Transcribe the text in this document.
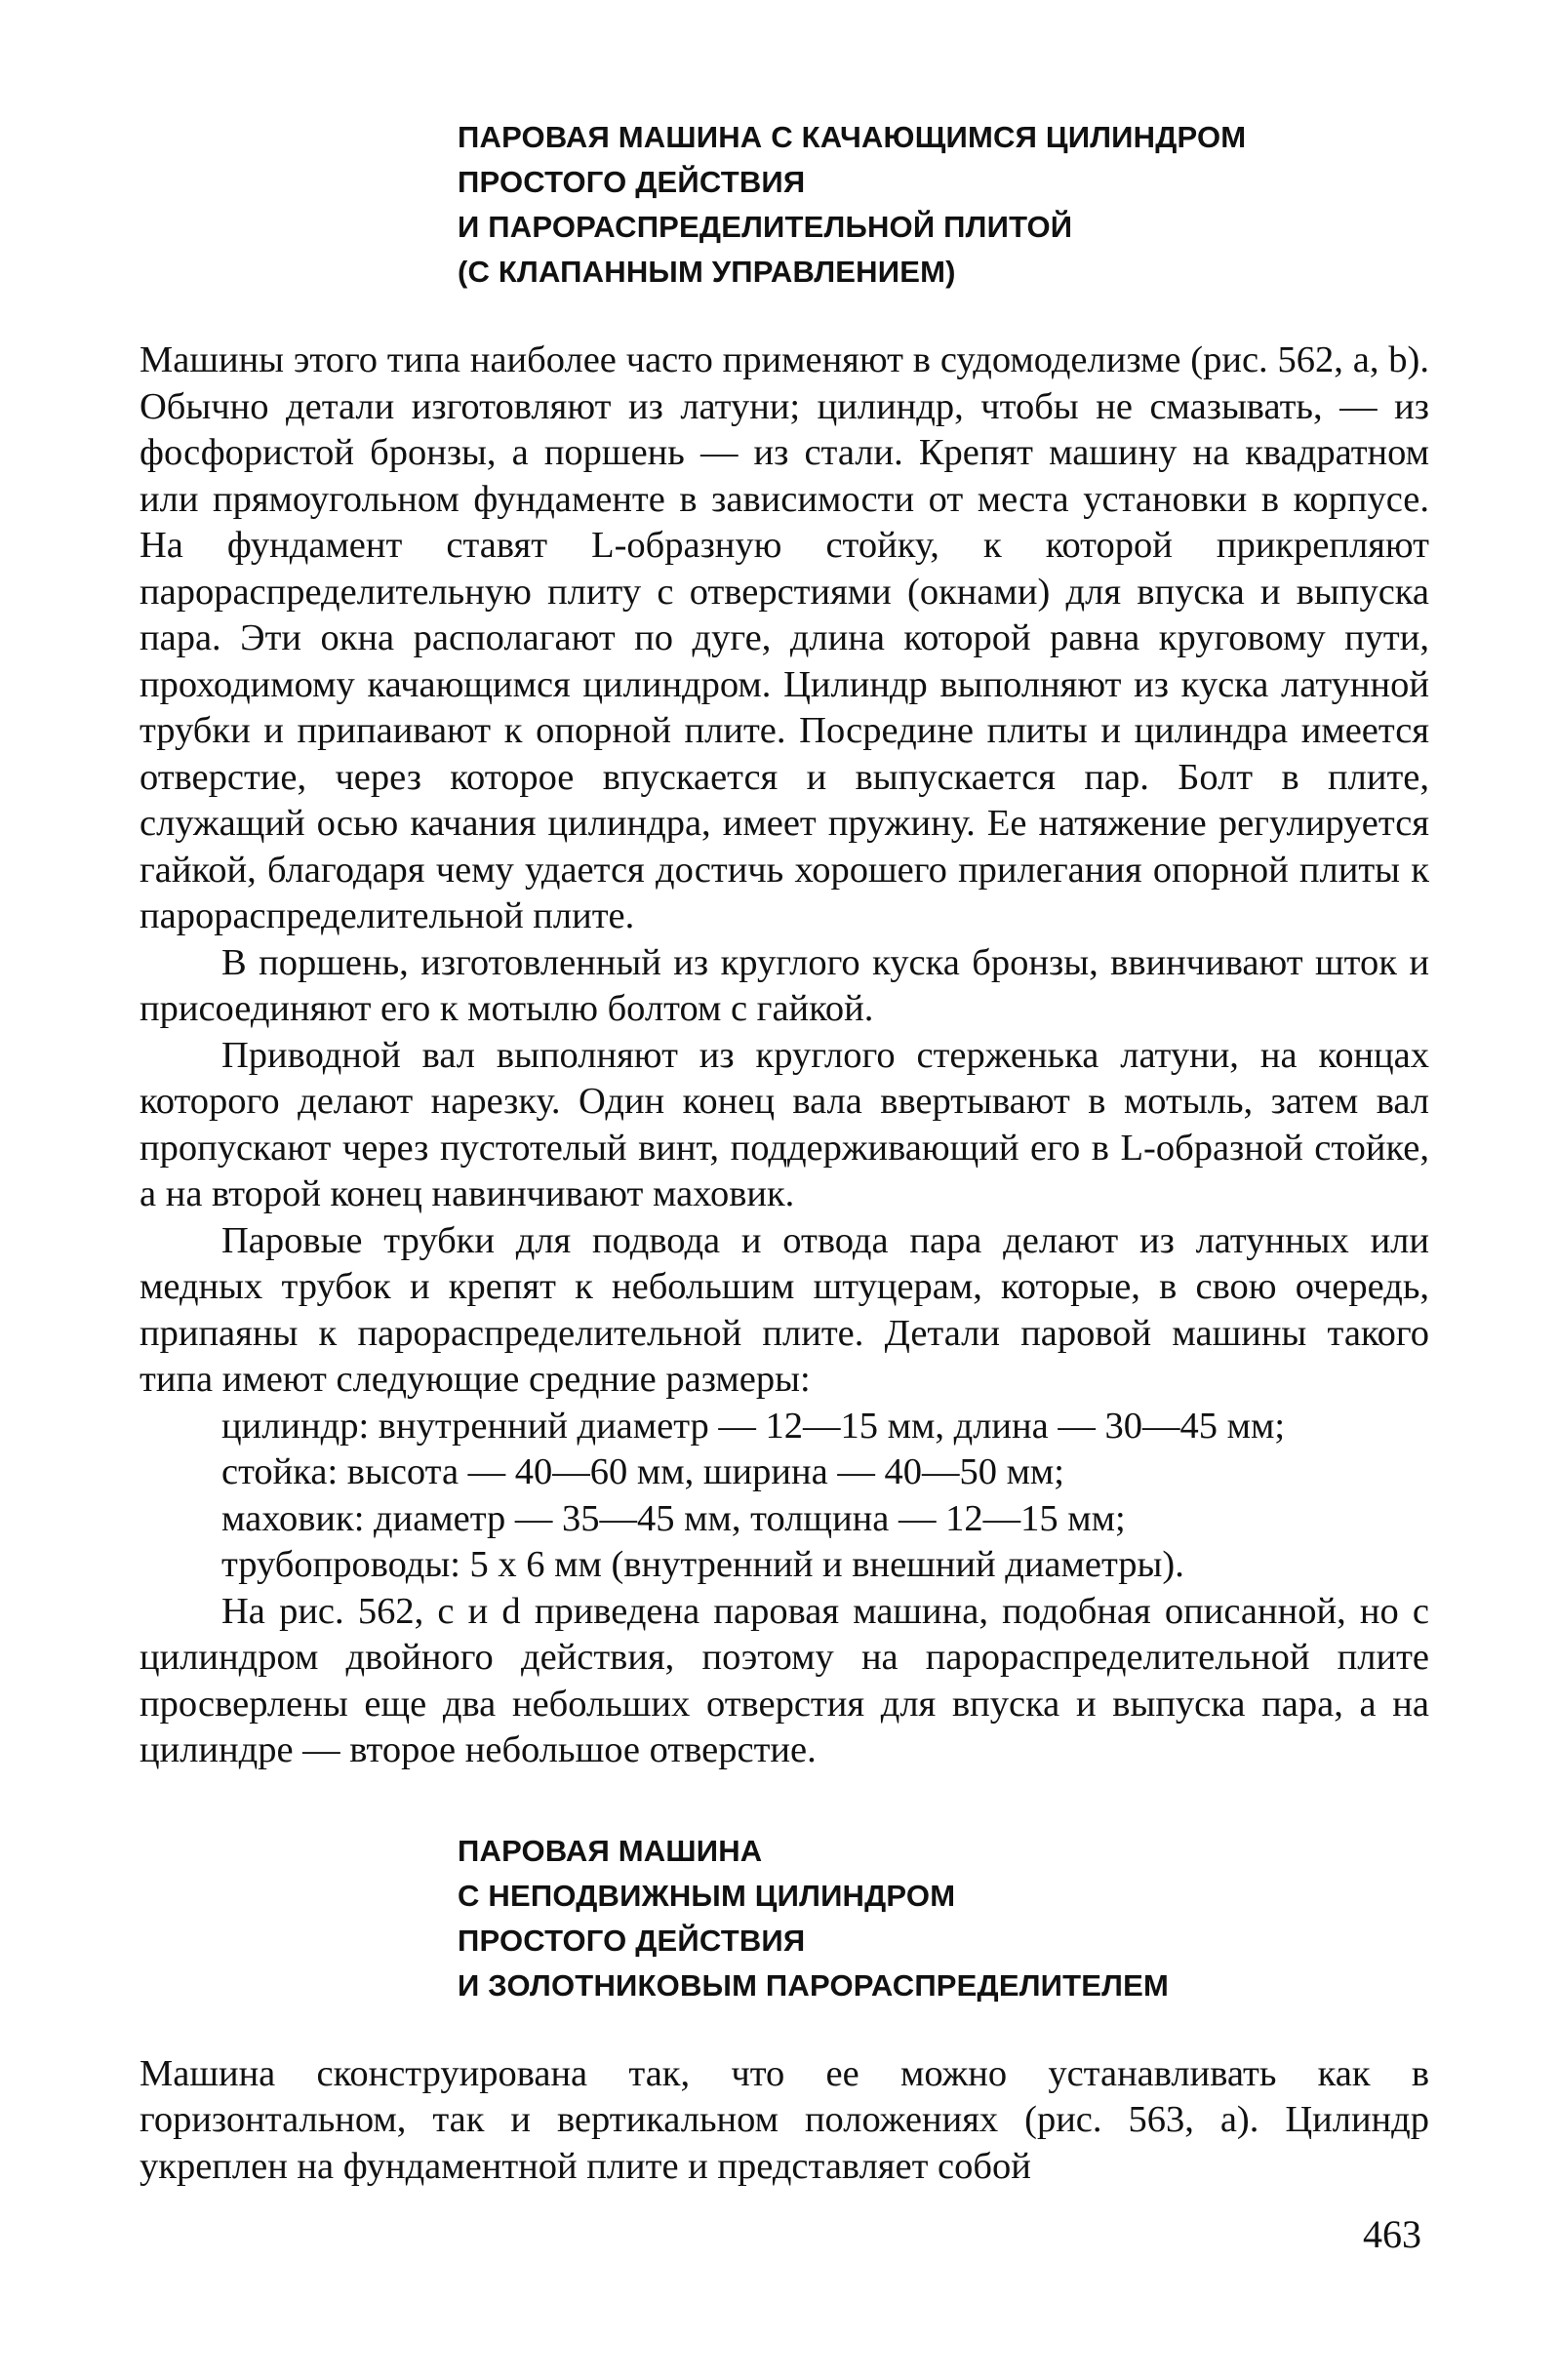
ПАРОВАЯ МАШИНА С КАЧАЮЩИМСЯ ЦИЛИНДРОМ
ПРОСТОГО ДЕЙСТВИЯ
И ПАРОРАСПРЕДЕЛИТЕЛЬНОЙ ПЛИТОЙ
(С КЛАПАННЫМ УПРАВЛЕНИЕМ)

Машины этого типа наиболее часто применяют в судомоделизме (рис. 562, a, b). Обычно детали изготовляют из латуни; цилиндр, чтобы не смазывать, — из фосфористой бронзы, а поршень — из стали. Крепят машину на квадратном или прямоугольном фундаменте в зависимости от места установки в корпусе. На фундамент ставят L-образную стойку, к которой прикрепляют парораспределительную плиту с отверстиями (окнами) для впуска и выпуска пара. Эти окна располагают по дуге, длина которой равна круговому пути, проходимому качающимся цилиндром. Цилиндр выполняют из куска латунной трубки и припаивают к опорной плите. Посредине плиты и цилиндра имеется отверстие, через которое впускается и выпускается пар. Болт в плите, служащий осью качания цилиндра, имеет пружину. Ее натяжение регулируется гайкой, благодаря чему удается достичь хорошего прилегания опорной плиты к парораспределительной плите.

В поршень, изготовленный из круглого куска бронзы, ввинчивают шток и присоединяют его к мотылю болтом с гайкой.

Приводной вал выполняют из круглого стерженька латуни, на концах которого делают нарезку. Один конец вала ввертывают в мотыль, затем вал пропускают через пустотелый винт, поддерживающий его в L-образной стойке, а на второй конец навинчивают маховик.

Паровые трубки для подвода и отвода пара делают из латунных или медных трубок и крепят к небольшим штуцерам, которые, в свою очередь, припаяны к парораспределительной плите. Детали паровой машины такого типа имеют следующие средние размеры:

цилиндр: внутренний диаметр — 12—15 мм, длина — 30—45 мм;
стойка: высота — 40—60 мм, ширина — 40—50 мм;
маховик: диаметр — 35—45 мм, толщина — 12—15 мм;
трубопроводы: 5 x 6 мм (внутренний и внешний диаметры).

На рис. 562, c и d приведена паровая машина, подобная описанной, но с цилиндром двойного действия, поэтому на парораспределительной плите просверлены еще два небольших отверстия для впуска и выпуска пара, а на цилиндре — второе небольшое отверстие.

ПАРОВАЯ МАШИНА
С НЕПОДВИЖНЫМ ЦИЛИНДРОМ
ПРОСТОГО ДЕЙСТВИЯ
И ЗОЛОТНИКОВЫМ ПАРОРАСПРЕДЕЛИТЕЛЕМ

Машина сконструирована так, что ее можно устанавливать как в горизонтальном, так и вертикальном положениях (рис. 563, a). Цилиндр укреплен на фундаментной плите и представляет собой

463
